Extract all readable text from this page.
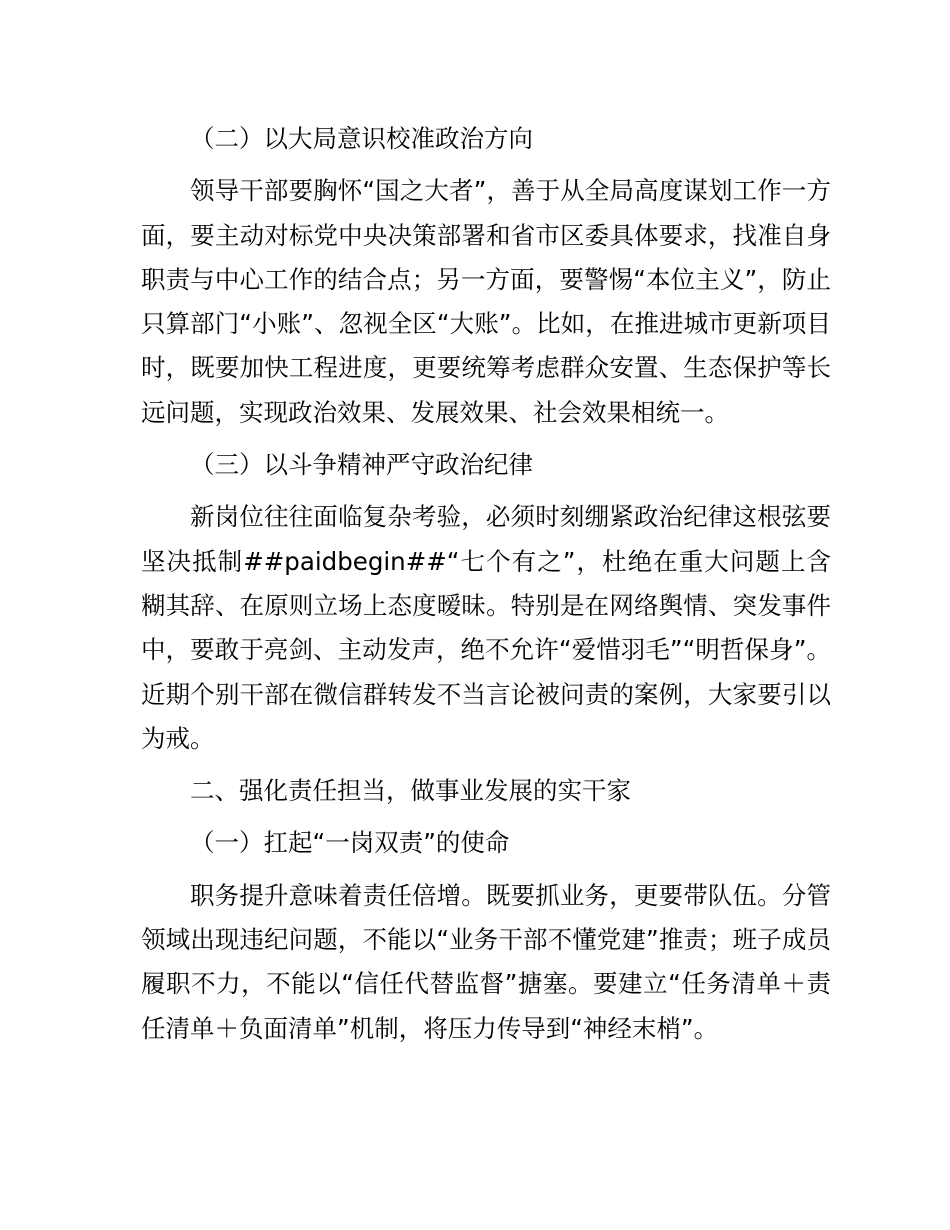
（二）以大局意识校准政治方向

领导干部要胸怀“国之大者”，善于从全局高度谋划工作一方面，要主动对标党中央决策部署和省市区委具体要求，找准自身职责与中心工作的结合点；另一方面，要警惕“本位主义”，防止只算部门“小账”、忽视全区“大账”。比如，在推进城市更新项目时，既要加快工程进度，更要统筹考虑群众安置、生态保护等长远问题，实现政治效果、发展效果、社会效果相统一。

（三）以斗争精神严守政治纪律

新岗位往往面临复杂考验，必须时刻绷紧政治纪律这根弦要坚决抵制##paidbegin##“七个有之”，杜绝在重大问题上含糊其辞、在原则立场上态度暧昧。特别是在网络舆情、突发事件中，要敢于亮剑、主动发声，绝不允许“爱惜羽毛”“明哲保身”。近期个别干部在微信群转发不当言论被问责的案例，大家要引以为戒。

二、强化责任担当，做事业发展的实干家

（一）扛起“一岗双责”的使命

职务提升意味着责任倍增。既要抓业务，更要带队伍。分管领域出现违纪问题，不能以“业务干部不懂党建”推责；班子成员履职不力，不能以“信任代替监督”搪塞。要建立“任务清单＋责任清单＋负面清单”机制，将压力传导到“神经末梢”。
